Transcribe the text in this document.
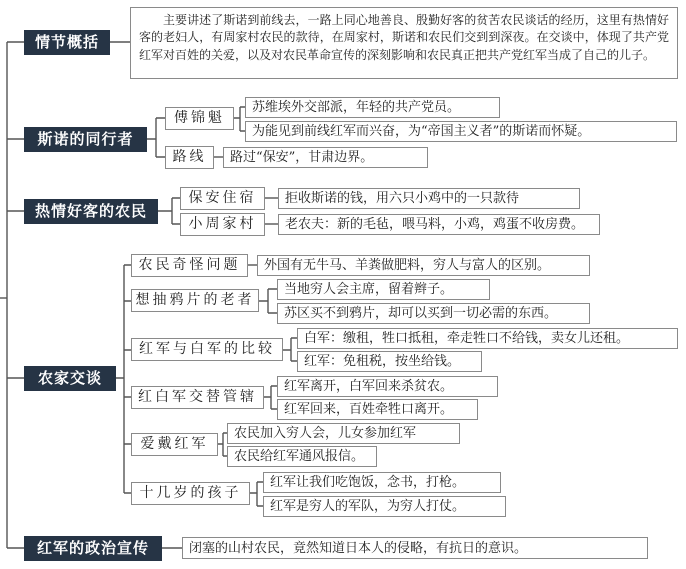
情节概括
主要讲述了斯诺到前线去，一路上同心地善良、殷勤好客的贫苦农民谈话的经历，这里有热情好客的老妇人，有周家村农民的款待，在周家村，斯诺和农民们交到到深夜。在交谈中，体现了共产党红军对百姓的关爱，以及对农民革命宣传的深刻影响和农民真正把共产党红军当成了自己的儿子。
斯诺的同行者
傅锦魁
苏维埃外交部派，年轻的共产党员。
为能见到前线红军而兴奋，为“帝国主义者”的斯诺而怀疑。
路线	路过“保安”，甘肃边界。
热情好客的农民
保安住宿	拒收斯诺的钱，用六只小鸡中的一只款待
小周家村	老农夫：新的毛毡，喂马料，小鸡，鸡蛋不收房费。
农家交谈
农民奇怪问题	外国有无牛马、羊粪做肥料，穷人与富人的区别。
想抽鸦片的老者
当地穷人会主席，留着辫子。
苏区买不到鸦片，却可以买到一切必需的东西。
红军与白军的比较
白军：缴租，牲口抵租，牵走牲口不给钱，卖女儿还租。
红军：免租税，按坐给钱。
红白军交替管辖
红军离开，白军回来杀贫农。
红军回来，百姓牵牲口离开。
爱戴红军
农民加入穷人会，儿女参加红军
农民给红军通风报信。
十几岁的孩子
红军让我们吃饱饭，念书，打枪。
红军是穷人的军队，为穷人打仗。
红军的政治宣传	闭塞的山村农民，竟然知道日本人的侵略，有抗日的意识。
